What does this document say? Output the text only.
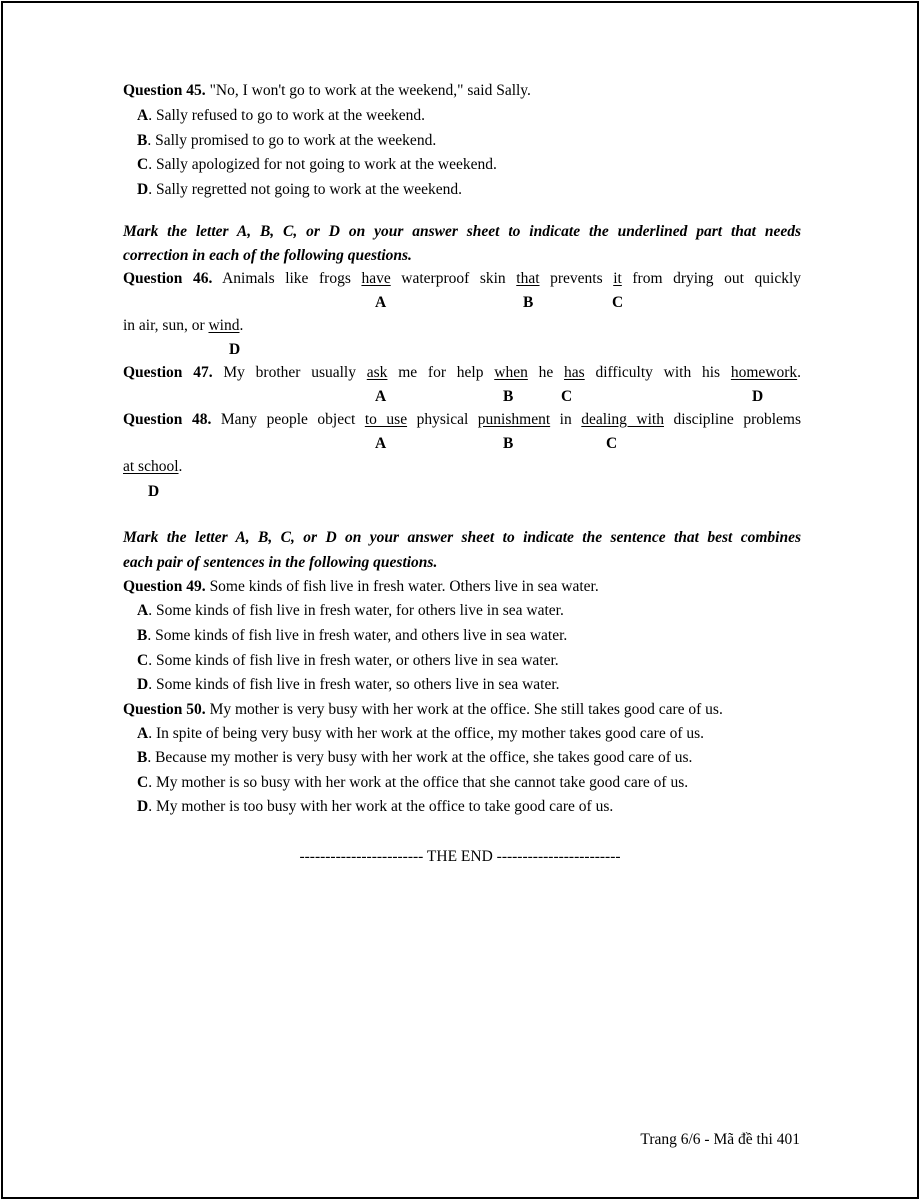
Question 45. "No, I won't go to work at the weekend," said Sally.
A. Sally refused to go to work at the weekend.
B. Sally promised to go to work at the weekend.
C. Sally apologized for not going to work at the weekend.
D. Sally regretted not going to work at the weekend.
Mark the letter A, B, C, or D on your answer sheet to indicate the underlined part that needs
correction in each of the following questions.
Question 46. Animals like frogs have waterproof skin that prevents it from drying out quickly
A	B	C
in air, sun, or wind.
D
Question 47. My brother usually ask me for help when he has difficulty with his homework.
A	B	C	D
Question 48. Many people object to use physical punishment in dealing with discipline problems
A	B	C
at school.
D
Mark the letter A, B, C, or D on your answer sheet to indicate the sentence that best combines
each pair of sentences in the following questions.
Question 49. Some kinds of fish live in fresh water. Others live in sea water.
A. Some kinds of fish live in fresh water, for others live in sea water.
B. Some kinds of fish live in fresh water, and others live in sea water.
C. Some kinds of fish live in fresh water, or others live in sea water.
D. Some kinds of fish live in fresh water, so others live in sea water.
Question 50. My mother is very busy with her work at the office. She still takes good care of us.
A. In spite of being very busy with her work at the office, my mother takes good care of us.
B. Because my mother is very busy with her work at the office, she takes good care of us.
C. My mother is so busy with her work at the office that she cannot take good care of us.
D. My mother is too busy with her work at the office to take good care of us.
------------------------ THE END ------------------------
Trang 6/6 - Mã đề thi 401
